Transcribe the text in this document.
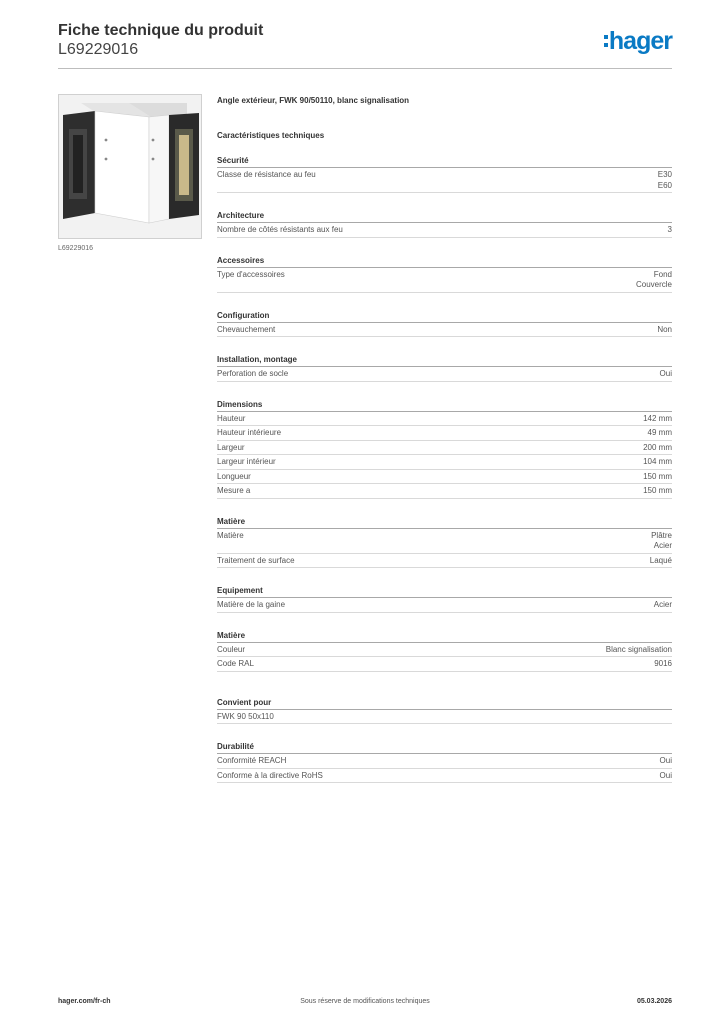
Fiche technique du produit
L69229016	hager
L69229016
Angle extérieur, FWK 90/50110, blanc signalisation
Caractéristiques techniques
Sécurité
Classe de résistance au feu	E30
E60
Architecture
Nombre de côtés résistants aux feu	3
Accessoires
Type d'accessoires	Fond
Couvercle
Configuration
Chevauchement	Non
Installation, montage
Perforation de socle	Oui
Dimensions
Hauteur	142 mm
Hauteur intérieure	49 mm
Largeur	200 mm
Largeur intérieur	104 mm
Longueur	150 mm
Mesure a	150 mm
Matière
Matière	Plâtre
Acier
Traitement de surface	Laqué
Equipement
Matière de la gaine	Acier
Matière
Couleur	Blanc signalisation
Code RAL	9016
Convient pour
FWK 90 50x110
Durabilité
Conformité REACH	Oui
Conforme à la directive RoHS	Oui
hager.com/fr-ch	Sous réserve de modifications techniques	05.03.2026
